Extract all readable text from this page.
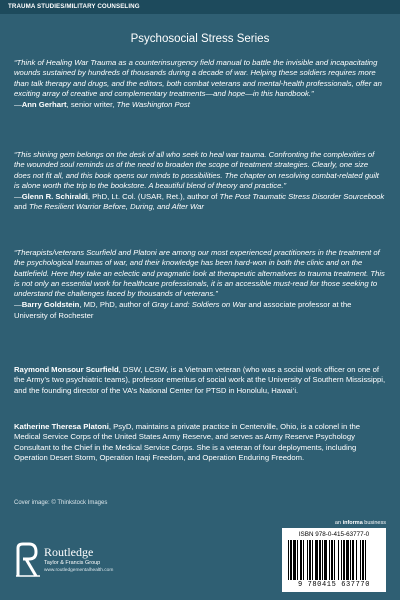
TRAUMA STUDIES/MILITARY COUNSELING
Psychosocial Stress Series

“Think of Healing War Trauma as a counterinsurgency field manual to battle the invisible and incapacitating wounds sustained by hundreds of thousands during a decade of war. Helping these soldiers requires more than talk therapy and drugs, and the editors, both combat veterans and mental-health professionals, offer an exciting array of creative and complementary treatments—and hope—in this handbook.”

—Ann Gerhart, senior writer, The Washington Post

“This shining gem belongs on the desk of all who seek to heal war trauma. Confronting the complexities of the wounded soul reminds us of the need to broaden the scope of treatment strategies. Clearly, one size does not fit all, and this book opens our minds to possibilities. The chapter on resolving combat-related guilt is alone worth the trip to the bookstore. A beautiful blend of theory and practice.”

—Glenn R. Schiraldi, PhD, Lt. Col. (USAR, Ret.), author of The Post Traumatic Stress Disorder Sourcebook and The Resilient Warrior Before, During, and After War

“Therapists/veterans Scurfield and Platoni are among our most experienced practitioners in the treatment of the psychological traumas of war, and their knowledge has been hard-won in both the clinic and on the battlefield. Here they take an eclectic and pragmatic look at therapeutic alternatives to trauma treatment. This is not only an essential work for healthcare professionals, it is an accessible must-read for those seeking to understand the challenges faced by thousands of veterans.”

—Barry Goldstein, MD, PhD, author of Gray Land: Soldiers on War and associate professor at the University of Rochester

Raymond Monsour Scurfield, DSW, LCSW, is a Vietnam veteran (who was a social work officer on one of the Army’s two psychiatric teams), professor emeritus of social work at the University of Southern Mississippi, and the founding director of the VA’s National Center for PTSD in Honolulu, Hawai‘i.
Katherine Theresa Platoni, PsyD, maintains a private practice in Centerville, Ohio, is a colonel in the Medical Service Corps of the United States Army Reserve, and serves as Army Reserve Psychology Consultant to the Chief in the Medical Service Corps. She is a veteran of four deployments, including Operation Desert Storm, Operation Iraqi Freedom, and Operation Enduring Freedom.
Cover image: © Thinkstock Images
an informa business
Routledge
Taylor & Francis Group
www.routledgementalhealth.com
ISBN 978-0-415-63777-0
9 780415 637770
